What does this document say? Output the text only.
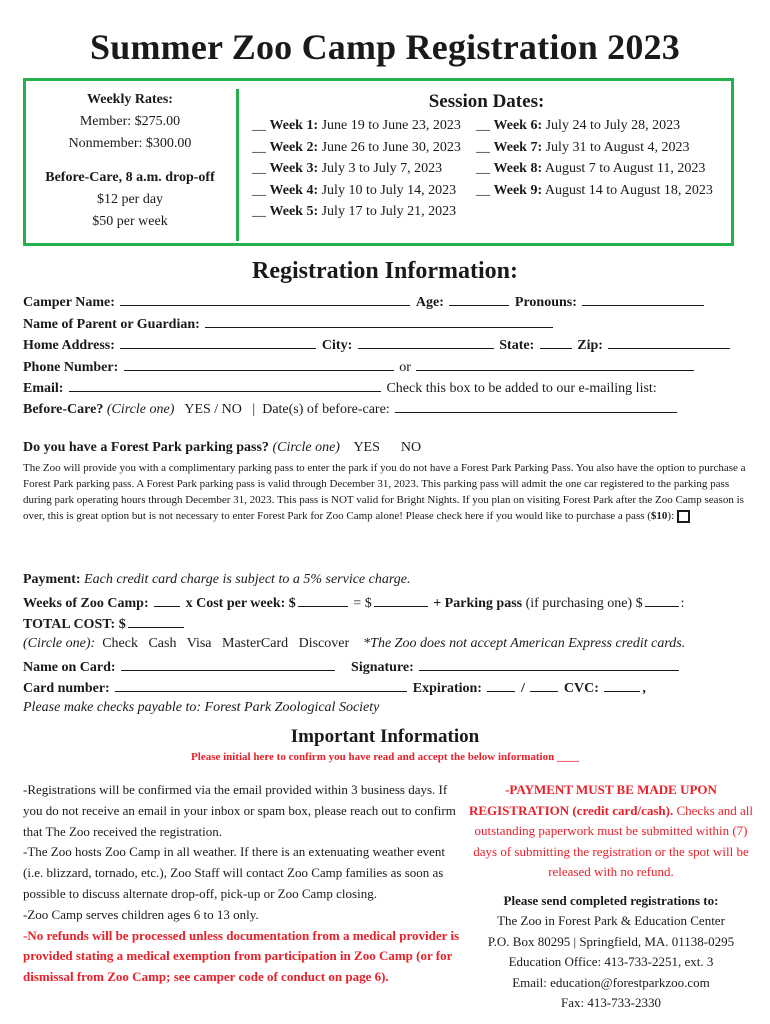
Summer Zoo Camp Registration 2023
Weekly Rates:
Member: $275.00
Nonmember: $300.00
Before-Care, 8 a.m. drop-off
$12 per day
$50 per week
Session Dates:
__ Week 1: June 19 to June 23, 2023
__ Week 2: June 26 to June 30, 2023
__ Week 3: July 3 to July 7, 2023
__ Week 4: July 10 to July 14, 2023
__ Week 5: July 17 to July 21, 2023
__ Week 6: July 24 to July 28, 2023
__ Week 7: July 31 to August 4, 2023
__ Week 8: August 7 to August 11, 2023
__ Week 9: August 14 to August 18, 2023
Registration Information:
Camper Name:	Age:	Pronouns:
Name of Parent or Guardian:
Home Address:	City:	State:	Zip:
Phone Number:	or
Email:	Check this box to be added to our e-mailing list:
Before-Care? (Circle one) YES / NO | Date(s) of before-care:
Do you have a Forest Park parking pass? (Circle one) YES NO
The Zoo will provide you with a complimentary parking pass to enter the park if you do not have a Forest Park Parking Pass. You also have the option to purchase a Forest Park parking pass. A Forest Park parking pass is valid through December 31, 2023. This parking pass will admit the one car registered to the parking pass during park operating hours through December 31, 2023. This pass is NOT valid for Bright Nights. If you plan on visiting Forest Park after the Zoo Camp season is over, this is great option but is not necessary to enter Forest Park for Zoo Camp alone! Please check here if you would like to purchase a pass ($10):
Payment: Each credit card charge is subject to a 5% service charge.
Weeks of Zoo Camp:	x Cost per week: $	= $	+ Parking pass (if purchasing one) $	:
TOTAL COST: $
(Circle one): Check   Cash   Visa   MasterCard   Discover *The Zoo does not accept American Express credit cards.
Name on Card:	Signature:
Card number:	Expiration:	/	CVC:	,
Please make checks payable to: Forest Park Zoological Society
Important Information
Please initial here to confirm you have read and accept the below information ____
-Registrations will be confirmed via the email provided within 3 business days. If you do not receive an email in your inbox or spam box, please reach out to confirm that The Zoo received the registration.
-The Zoo hosts Zoo Camp in all weather. If there is an extenuating weather event (i.e. blizzard, tornado, etc.), Zoo Staff will contact Zoo Camp families as soon as possible to discuss alternate drop-off, pick-up or Zoo Camp closing.
-Zoo Camp serves children ages 6 to 13 only.
-No refunds will be processed unless documentation from a medical provider is provided stating a medical exemption from participation in Zoo Camp (or for dismissal from Zoo Camp; see camper code of conduct on page 6).
-PAYMENT MUST BE MADE UPON REGISTRATION (credit card/cash). Checks and all outstanding paperwork must be submitted within (7) days of submitting the registration or the spot will be released with no refund.
Please send completed registrations to:
The Zoo in Forest Park & Education Center
P.O. Box 80295 | Springfield, MA. 01138-0295
Education Office: 413-733-2251, ext. 3
Email: education@forestparkzoo.com
Fax: 413-733-2330
